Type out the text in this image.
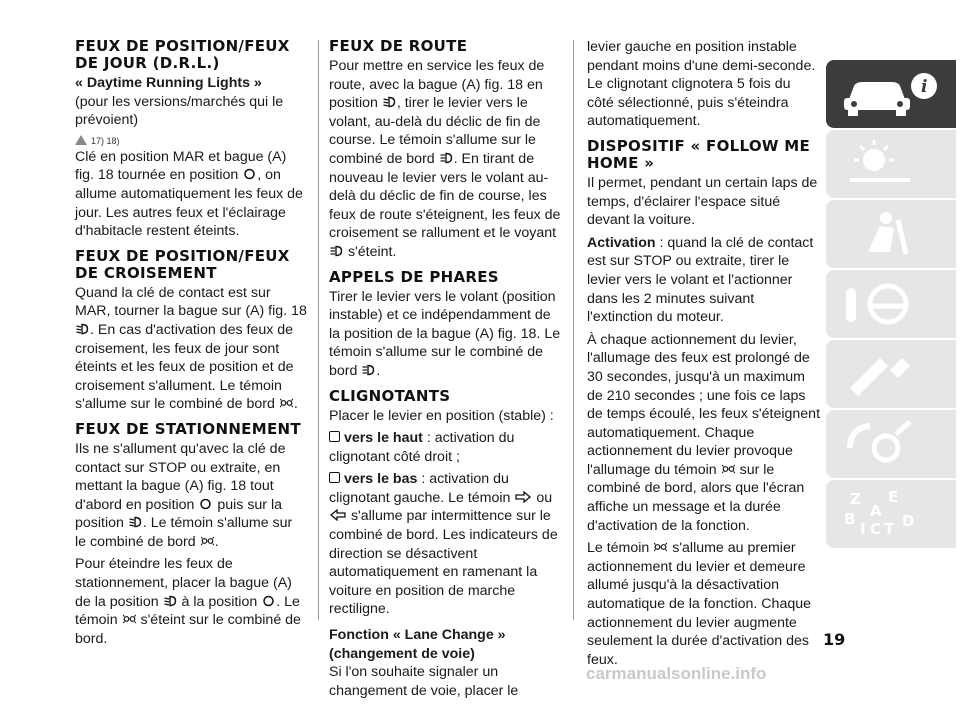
FEUX DE POSITION/FEUX DE JOUR (D.R.L.)
« Daytime Running Lights »

(pour les versions/marchés qui le prévoient)

17) 18)

Clé en position MAR et bague (A) fig. 18 tournée en position , on allume automatiquement les feux de jour. Les autres feux et l'éclairage d'habitacle restent éteints.

FEUX DE POSITION/FEUX DE CROISEMENT

Quand la clé de contact est sur MAR, tourner la bague sur (A) fig. 18 . En cas d'activation des feux de croisement, les feux de jour sont éteints et les feux de position et de croisement s'allument. Le témoin s'allume sur le combiné de bord .

FEUX DE STATIONNEMENT

Ils ne s'allument qu'avec la clé de contact sur STOP ou extraite, en mettant la bague (A) fig. 18 tout d'abord en position puis sur la position . Le témoin s'allume sur le combiné de bord .

Pour éteindre les feux de stationnement, placer la bague (A) de la position à la position . Le témoin s'éteint sur le combiné de bord.

FEUX DE ROUTE

Pour mettre en service les feux de route, avec la bague (A) fig. 18 en position , tirer le levier vers le volant, au-delà du déclic de fin de course. Le témoin s'allume sur le combiné de bord . En tirant de nouveau le levier vers le volant au-delà du déclic de fin de course, les feux de route s'éteignent, les feux de croisement se rallument et le voyant  s'éteint.

APPELS DE PHARES

Tirer le levier vers le volant (position instable) et ce indépendamment de la position de la bague (A) fig. 18. Le témoin s'allume sur le combiné de bord .

CLIGNOTANTS

Placer le levier en position (stable) :

vers le haut : activation du clignotant côté droit ;

vers le bas : activation du clignotant gauche. Le témoin ou  s'allume par intermittence sur le combiné de bord. Les indicateurs de direction se désactivent automatiquement en ramenant la voiture en position de marche rectiligne.

Fonction « Lane Change » (changement de voie)

Si l'on souhaite signaler un changement de voie, placer le

levier gauche en position instable pendant moins d'une demi-seconde. Le clignotant clignotera 5 fois du côté sélectionné, puis s'éteindra automatiquement.

DISPOSITIF « FOLLOW ME HOME »

Il permet, pendant un certain laps de temps, d'éclairer l'espace situé devant la voiture.

Activation : quand la clé de contact est sur STOP ou extraite, tirer le levier vers le volant et l'actionner dans les 2 minutes suivant l'extinction du moteur.

À chaque actionnement du levier, l'allumage des feux est prolongé de 30 secondes, jusqu'à un maximum de 210 secondes ; une fois ce laps de temps écoulé, les feux s'éteignent automatiquement. Chaque actionnement du levier provoque l'allumage du témoin sur le combiné de bord, alors que l'écran affiche un message et la durée d'activation de la fonction.

Le témoin s'allume au premier actionnement du levier et demeure allumé jusqu'à la désactivation automatique de la fonction. Chaque actionnement du levier augmente seulement la durée d'activation des feux.

i
Z E
A
B
I C T D
19
carmanualsonline.info
